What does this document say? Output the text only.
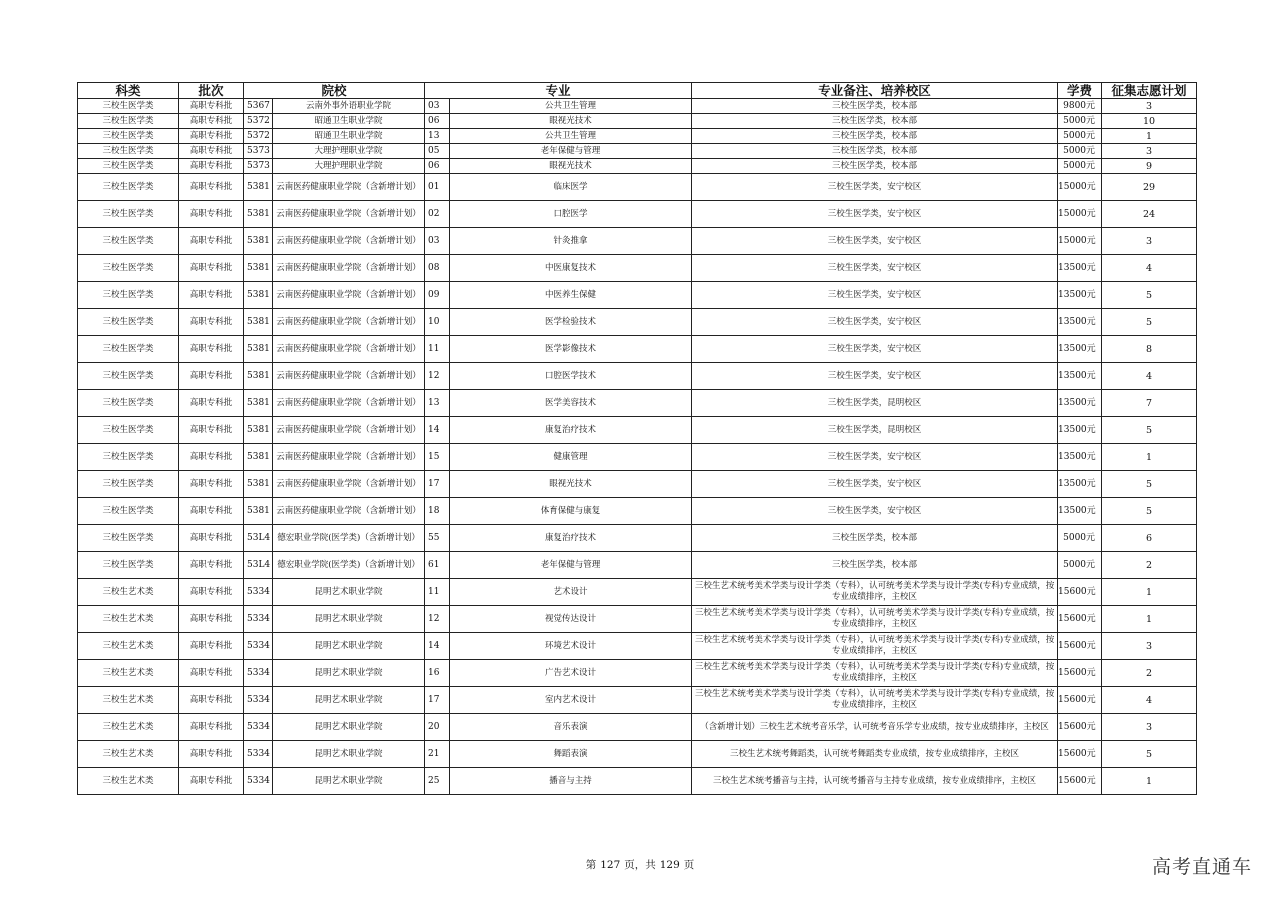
科类	批次	院校		专业		专业备注、培养校区	学费	征集志愿计划
三校生医学类	高职专科批	5367	云南外事外语职业学院	03	公共卫生管理	三校生医学类，校本部	9800元	3
三校生医学类	高职专科批	5372	昭通卫生职业学院	06	眼视光技术	三校生医学类，校本部	5000元	10
三校生医学类	高职专科批	5372	昭通卫生职业学院	13	公共卫生管理	三校生医学类，校本部	5000元	1
三校生医学类	高职专科批	5373	大理护理职业学院	05	老年保健与管理	三校生医学类，校本部	5000元	3
三校生医学类	高职专科批	5373	大理护理职业学院	06	眼视光技术	三校生医学类，校本部	5000元	9
三校生医学类	高职专科批	5381	云南医药健康职业学院（含新增计划）	01	临床医学	三校生医学类，安宁校区	15000元	29
三校生医学类	高职专科批	5381	云南医药健康职业学院（含新增计划）	02	口腔医学	三校生医学类，安宁校区	15000元	24
三校生医学类	高职专科批	5381	云南医药健康职业学院（含新增计划）	03	针灸推拿	三校生医学类，安宁校区	15000元	3
三校生医学类	高职专科批	5381	云南医药健康职业学院（含新增计划）	08	中医康复技术	三校生医学类，安宁校区	13500元	4
三校生医学类	高职专科批	5381	云南医药健康职业学院（含新增计划）	09	中医养生保健	三校生医学类，安宁校区	13500元	5
三校生医学类	高职专科批	5381	云南医药健康职业学院（含新增计划）	10	医学检验技术	三校生医学类，安宁校区	13500元	5
三校生医学类	高职专科批	5381	云南医药健康职业学院（含新增计划）	11	医学影像技术	三校生医学类，安宁校区	13500元	8
三校生医学类	高职专科批	5381	云南医药健康职业学院（含新增计划）	12	口腔医学技术	三校生医学类，安宁校区	13500元	4
三校生医学类	高职专科批	5381	云南医药健康职业学院（含新增计划）	13	医学美容技术	三校生医学类，昆明校区	13500元	7
三校生医学类	高职专科批	5381	云南医药健康职业学院（含新增计划）	14	康复治疗技术	三校生医学类，昆明校区	13500元	5
三校生医学类	高职专科批	5381	云南医药健康职业学院（含新增计划）	15	健康管理	三校生医学类，安宁校区	13500元	1
三校生医学类	高职专科批	5381	云南医药健康职业学院（含新增计划）	17	眼视光技术	三校生医学类，安宁校区	13500元	5
三校生医学类	高职专科批	5381	云南医药健康职业学院（含新增计划）	18	体育保健与康复	三校生医学类，安宁校区	13500元	5
三校生医学类	高职专科批	53L4	德宏职业学院(医学类)（含新增计划）	55	康复治疗技术	三校生医学类，校本部	5000元	6
三校生医学类	高职专科批	53L4	德宏职业学院(医学类)（含新增计划）	61	老年保健与管理	三校生医学类，校本部	5000元	2
三校生艺术类	高职专科批	5334	昆明艺术职业学院	11	艺术设计	三校生艺术统考美术学类与设计学类（专科），认可统考美术学类与设计学类(专科)专业成绩，按专业成绩排序，主校区	15600元	1
三校生艺术类	高职专科批	5334	昆明艺术职业学院	12	视觉传达设计	三校生艺术统考美术学类与设计学类（专科），认可统考美术学类与设计学类(专科)专业成绩，按专业成绩排序，主校区	15600元	1
三校生艺术类	高职专科批	5334	昆明艺术职业学院	14	环境艺术设计	三校生艺术统考美术学类与设计学类（专科），认可统考美术学类与设计学类(专科)专业成绩，按专业成绩排序，主校区	15600元	3
三校生艺术类	高职专科批	5334	昆明艺术职业学院	16	广告艺术设计	三校生艺术统考美术学类与设计学类（专科），认可统考美术学类与设计学类(专科)专业成绩，按专业成绩排序，主校区	15600元	2
三校生艺术类	高职专科批	5334	昆明艺术职业学院	17	室内艺术设计	三校生艺术统考美术学类与设计学类（专科），认可统考美术学类与设计学类(专科)专业成绩，按专业成绩排序，主校区	15600元	4
三校生艺术类	高职专科批	5334	昆明艺术职业学院	20	音乐表演	（含新增计划）三校生艺术统考音乐学，认可统考音乐学专业成绩，按专业成绩排序，主校区	15600元	3
三校生艺术类	高职专科批	5334	昆明艺术职业学院	21	舞蹈表演	三校生艺术统考舞蹈类，认可统考舞蹈类专业成绩，按专业成绩排序，主校区	15600元	5
三校生艺术类	高职专科批	5334	昆明艺术职业学院	25	播音与主持	三校生艺术统考播音与主持，认可统考播音与主持专业成绩，按专业成绩排序，主校区	15600元	1
第 127 页，共 129 页	高考直通车
